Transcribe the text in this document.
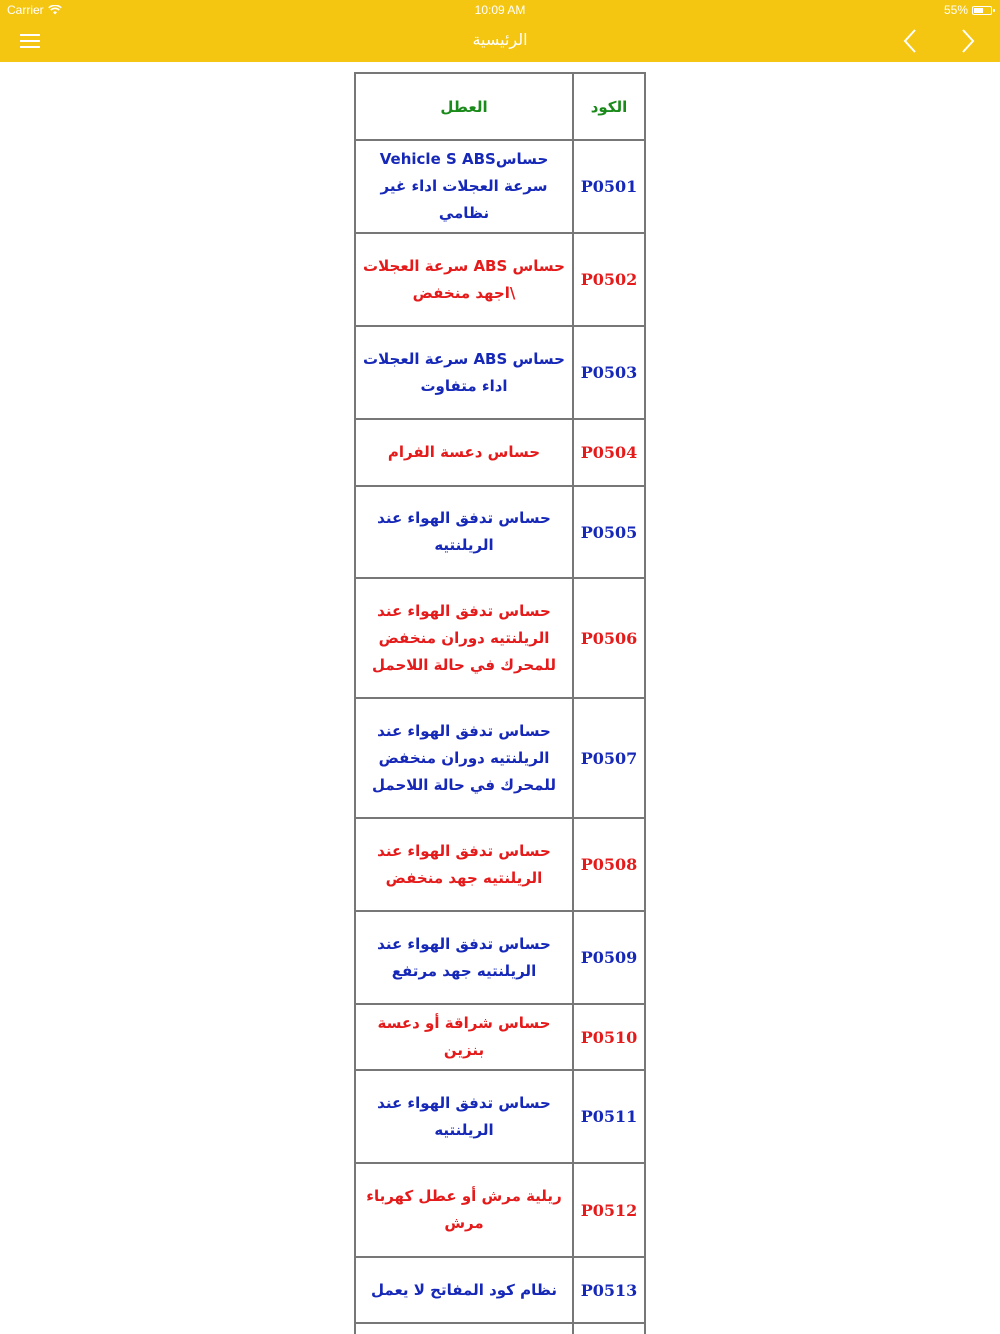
Carrier	10:09 AM	55%
الرئيسية
الكود	العطل
P0501	حساسVehicle S ABS سرعة العجلات اداء غير نظامي
P0502	حساس ABS سرعة العجلات \اجهد منخفض
P0503	حساس ABS سرعة العجلات اداء متفاوت
P0504	حساس دعسة الفرام
P0505	حساس تدفق الهواء عند الريلنتيه
P0506	حساس تدفق الهواء عند الريلنتيه دوران منخفض للمحرك في حالة اللاحمل
P0507	حساس تدفق الهواء عند الريلنتيه دوران منخفض للمحرك في حالة اللاحمل
P0508	حساس تدفق الهواء عند الريلنتيه جهد منخفض
P0509	حساس تدفق الهواء عند الريلنتيه جهد مرتفع
P0510	حساس شراقة أو دعسة بنزين
P0511	حساس تدفق الهواء عند الريلنتيه
P0512	ريلية مرش أو عطل كهرباء مرش
P0513	نظام كود المفاتح لا يعمل
